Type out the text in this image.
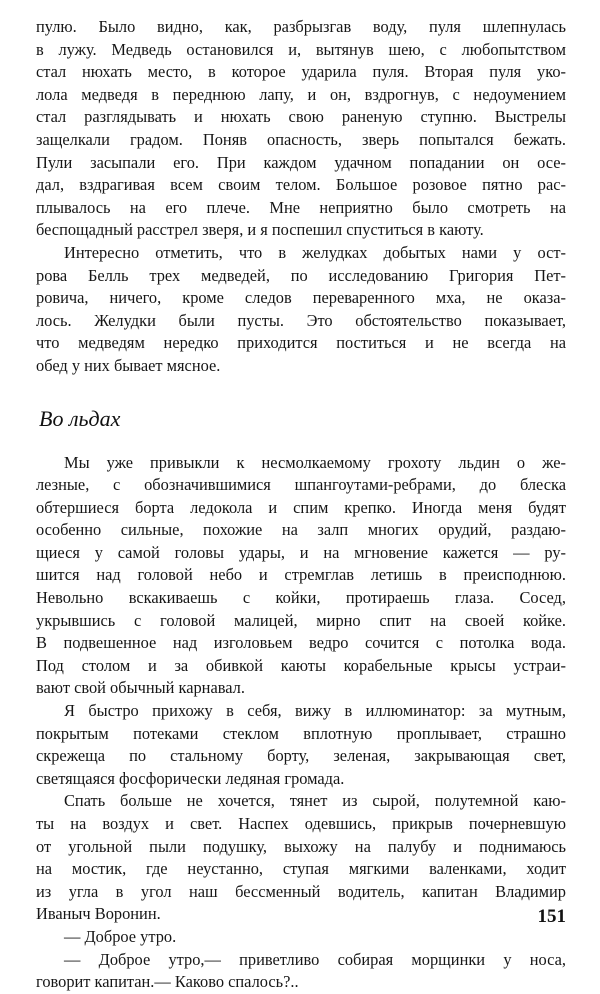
пулю. Было видно, как, разбрызгав воду, пуля шлепнулась
в лужу. Медведь остановился и, вытянув шею, с любопытством
стал нюхать место, в которое ударила пуля. Вторая пуля уко-
лола медведя в переднюю лапу, и он, вздрогнув, с недоумением
стал разглядывать и нюхать свою раненую ступню. Выстрелы
защелкали градом. Поняв опасность, зверь попытался бежать.
Пули засыпали его. При каждом удачном попадании он осе-
дал, вздрагивая всем своим телом. Большое розовое пятно рас-
плывалось на его плече. Мне неприятно было смотреть на
беспощадный расстрел зверя, и я поспешил спуститься в каюту.

Интересно отметить, что в желудках добытых нами у ост-
рова Белль трех медведей, по исследованию Григория Пет-
ровича, ничего, кроме следов переваренного мха, не оказа-
лось. Желудки были пусты. Это обстоятельство показывает,
что медведям нередко приходится поститься и не всегда на
обед у них бывает мясное.

Во льдах

Мы уже привыкли к несмолкаемому грохоту льдин о же-
лезные, с обозначившимися шпангоутами-ребрами, до блеска
обтершиеся борта ледокола и спим крепко. Иногда меня будят
особенно сильные, похожие на залп многих орудий, раздаю-
щиеся у самой головы удары, и на мгновение кажется — ру-
шится над головой небо и стремглав летишь в преисподнюю.
Невольно вскакиваешь с койки, протираешь глаза. Сосед,
укрывшись с головой малицей, мирно спит на своей койке.
В подвешенное над изголовьем ведро сочится с потолка вода.
Под столом и за обивкой каюты корабельные крысы устраи-
вают свой обычный карнавал.

Я быстро прихожу в себя, вижу в иллюминатор: за мутным,
покрытым потеками стеклом вплотную проплывает, страшно
скрежеща по стальному борту, зеленая, закрывающая свет,
светящаяся фосфорически ледяная громада.

Спать больше не хочется, тянет из сырой, полутемной каю-
ты на воздух и свет. Наспех одевшись, прикрыв почерневшую
от угольной пыли подушку, выхожу на палубу и поднимаюсь
на мостик, где неустанно, ступая мягкими валенками, ходит
из угла в угол наш бессменный водитель, капитан Владимир
Иваныч Воронин.

— Доброе утро.

— Доброе утро,— приветливо собирая морщинки у носа,
говорит капитан.— Каково спалось?..

151
